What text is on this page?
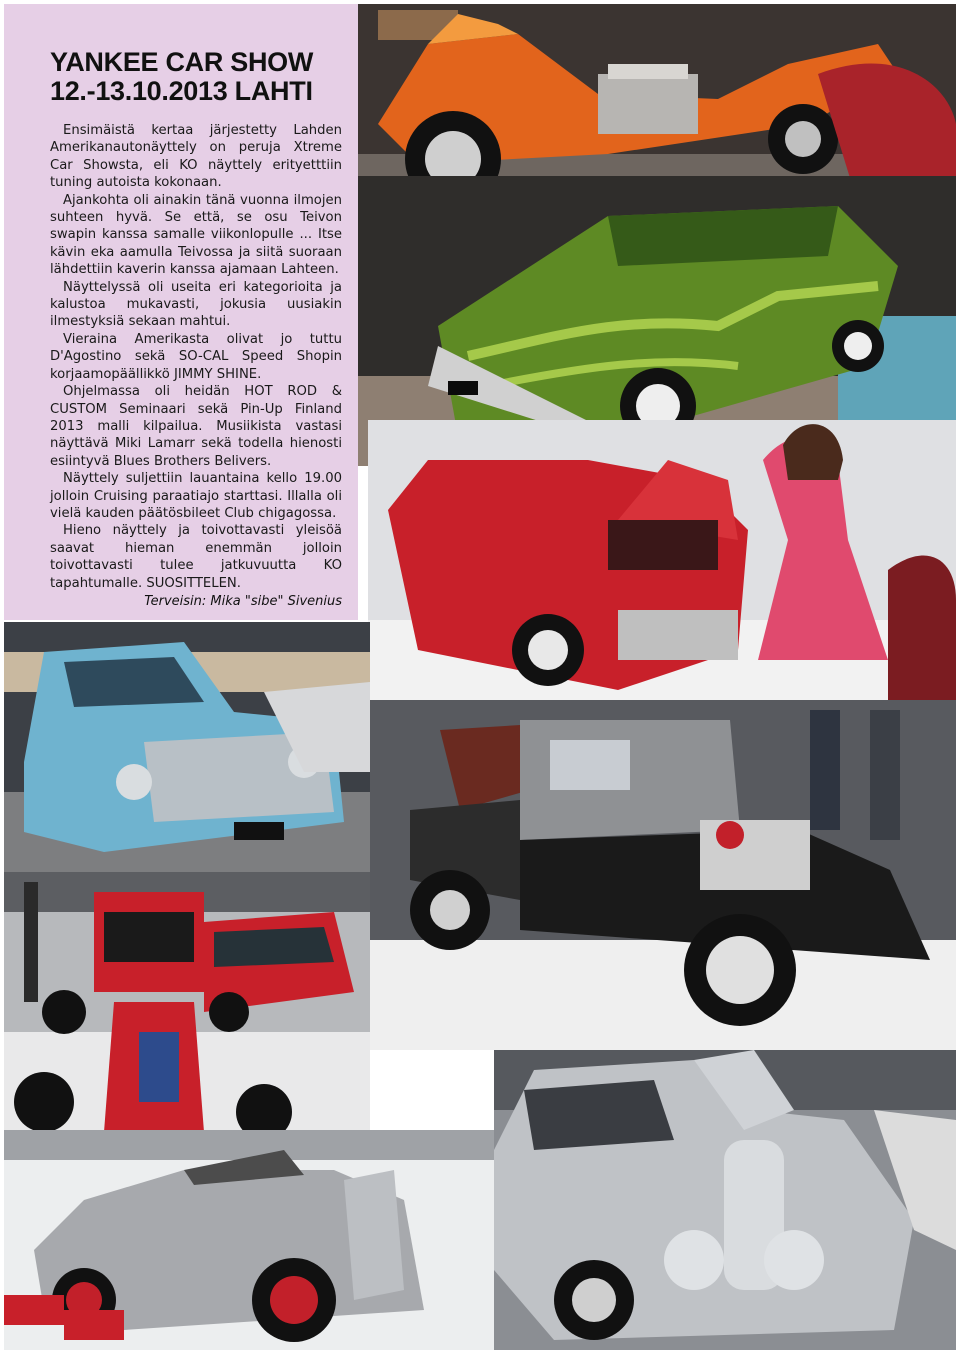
YANKEE CAR SHOW
12.-13.10.2013 LAHTI

Ensimäistä kertaa järjestetty Lahden Amerikanautonäyttely on peruja Xtreme Car Showsta, eli KO näyttely erityetttiin tuning autoista kokonaan.

Ajankohta oli ainakin tänä vuonna ilmojen suhteen hyvä. Se että, se osu Teivon swapin kanssa samalle viikonlopulle ... Itse kävin eka aamulla Teivossa ja siitä suoraan lähdettiin kaverin kanssa ajamaan Lahteen.

Näyttelyssä oli useita eri kategorioita ja kalustoa mukavasti, jokusia uusiakin ilmestyksiä sekaan mahtui.

Vieraina Amerikasta olivat jo tuttu D'Agostino sekä SO-CAL Speed Shopin korjaamopäällikkö JIMMY SHINE.

Ohjelmassa oli heidän HOT ROD & CUSTOM Seminaari sekä Pin-Up Finland 2013 malli kilpailua. Musiikista vastasi näyttävä Miki Lamarr sekä todella hienosti esiintyvä Blues Brothers Belivers.

Näyttely suljettiin lauantaina kello 19.00 jolloin Cruising paraatiajo starttasi. Illalla oli vielä kauden päätösbileet Club chigagossa.

Hieno näyttely ja toivottavasti yleisöä saavat hieman enemmän jolloin toivottavasti tulee jatkuvuutta KO tapahtumalle. SUOSITTELEN.

Terveisin: Mika "sibe" Sivenius
